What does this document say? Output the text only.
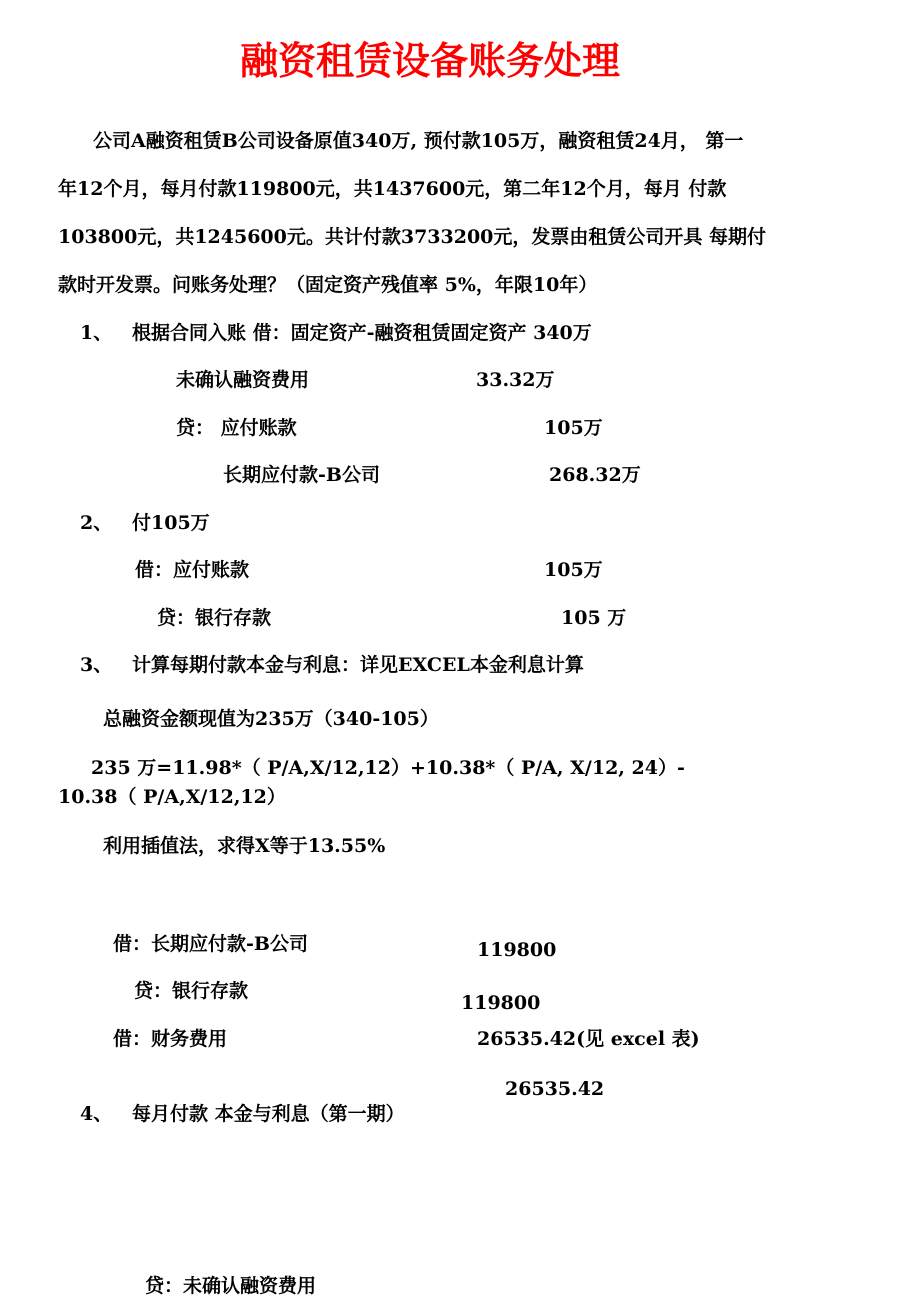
融资租赁设备账务处理
公司A融资租赁B公司设备原值340万, 预付款105万，融资租赁24月， 第一
年12个月，每月付款119800元，共1437600元，第二年12个月，每月 付款
103800元，共1245600元。共计付款3733200元，发票由租赁公司开具 每期付
款时开发票。问账务处理？（固定资产残值率 5%，年限10年）
1、 根据合同入账 借：固定资产-融资租赁固定资产 340万
未确认融资费用	33.32万
贷： 应付账款	105万
长期应付款-B公司	268.32万
2、 付105万
借：应付账款	105万
贷：银行存款	105 万
3、 计算每期付款本金与利息：详见EXCEL本金利息计算
总融资金额现值为235万（340-105）
235 万=11.98*（ P/A,X/12,12）+10.38*（ P/A, X/12, 24）-
10.38（ P/A,X/12,12）
利用插值法，求得X等于13.55%
借：长期应付款-B公司	119800
贷：银行存款
119800
借：财务费用	26535.42(见 excel 表)
26535.42
4、 每月付款 本金与利息（第一期）
贷：未确认融资费用
